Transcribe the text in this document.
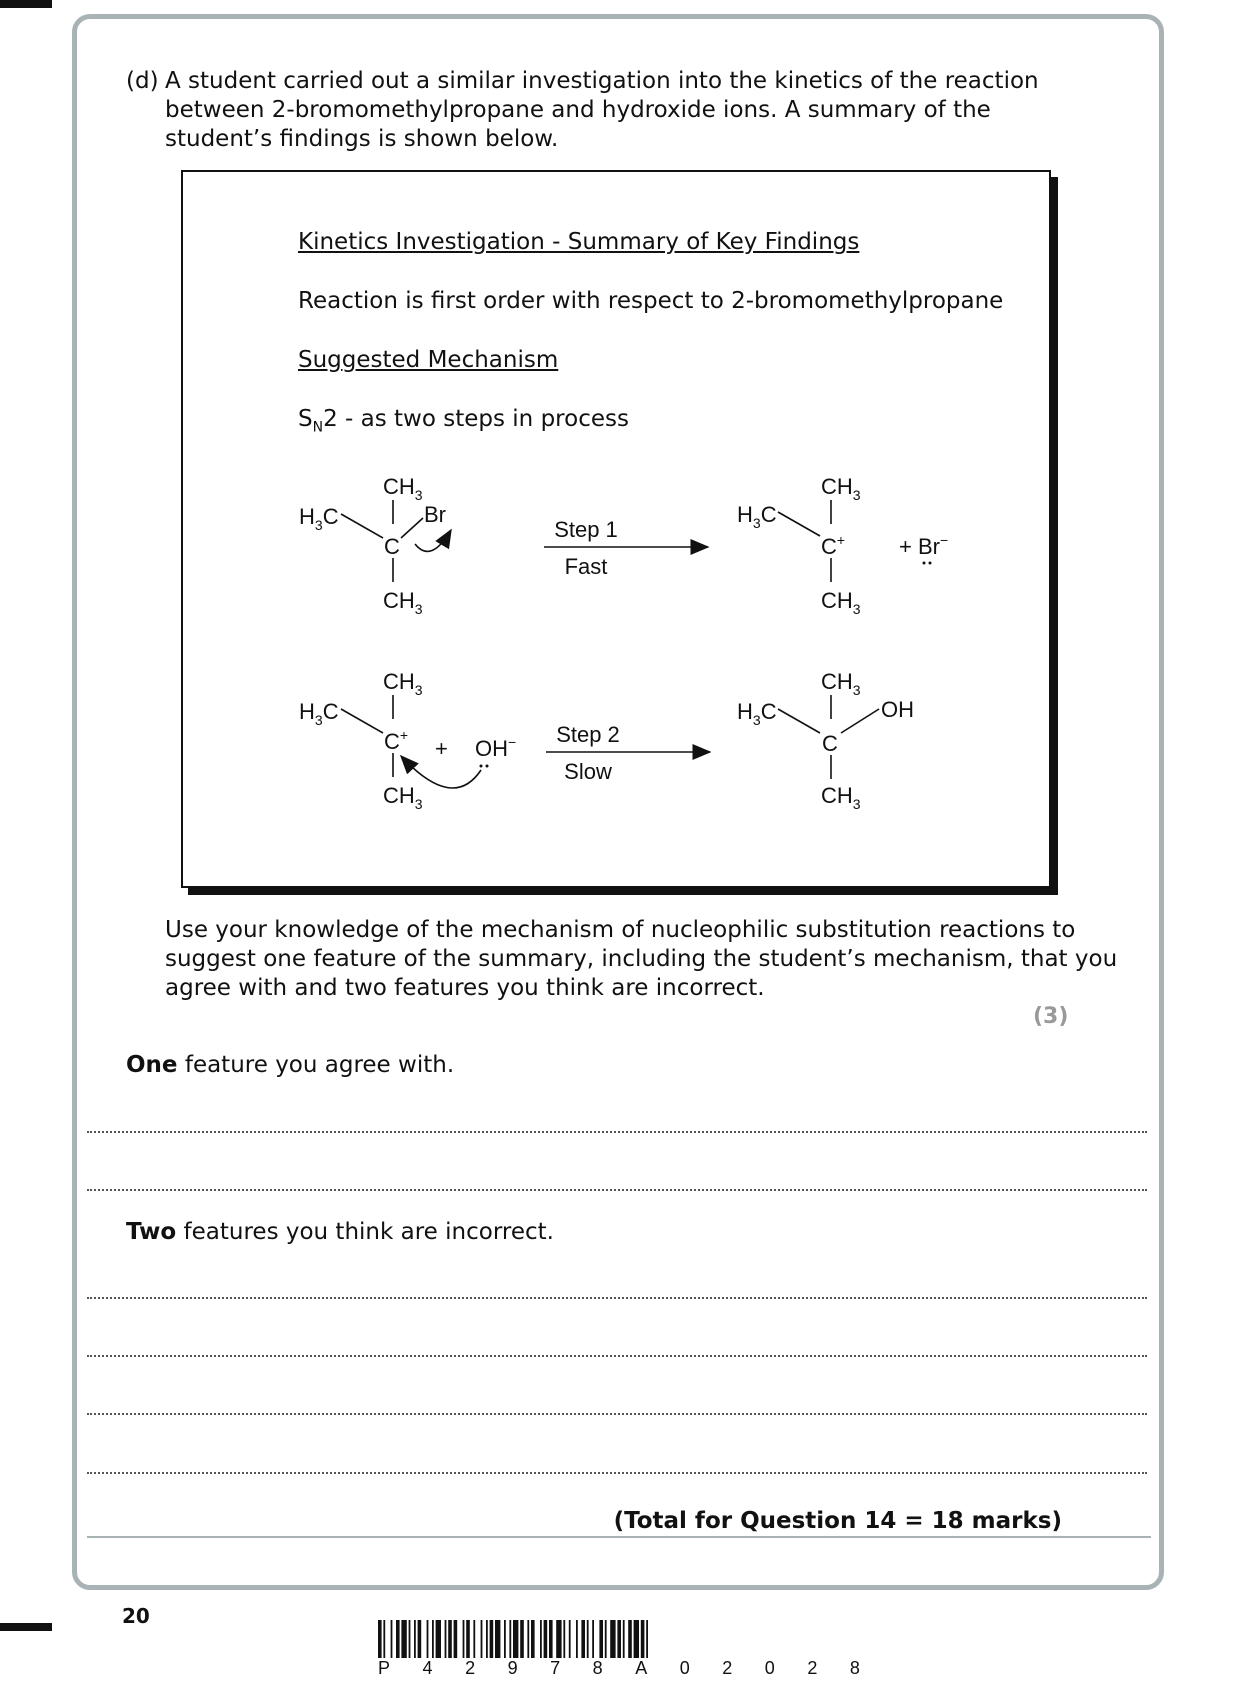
(d) A student carried out a similar investigation into the kinetics of the reaction
between 2-bromomethylpropane and hydroxide ions. A summary of the
student’s findings is shown below.
Kinetics Investigation - Summary of Key Findings
Reaction is first order with respect to 2-bromomethylpropane
Suggested Mechanism
$S_N2$ - as two steps in process
$CH_3$
$H_3C$
C
Br
$CH_3$
Step 1
Fast
$CH_3$
$H_3C$
C+
$CH_3$
+ Br−
$CH_3$
$H_3C$
C+
$CH_3$
+ OH− Step 2
Slow
$CH_3$
$H_3C$
C
OH
$CH_3$
Use your knowledge of the mechanism of nucleophilic substitution reactions to
suggest one feature of the summary, including the student’s mechanism, that you
agree with and two features you think are incorrect.
(3)
One feature you agree with.
Two features you think are incorrect.
(Total for Question 14 = 18 marks)
20
P 4 2 9 7 8 A 0 2 0 2 8
